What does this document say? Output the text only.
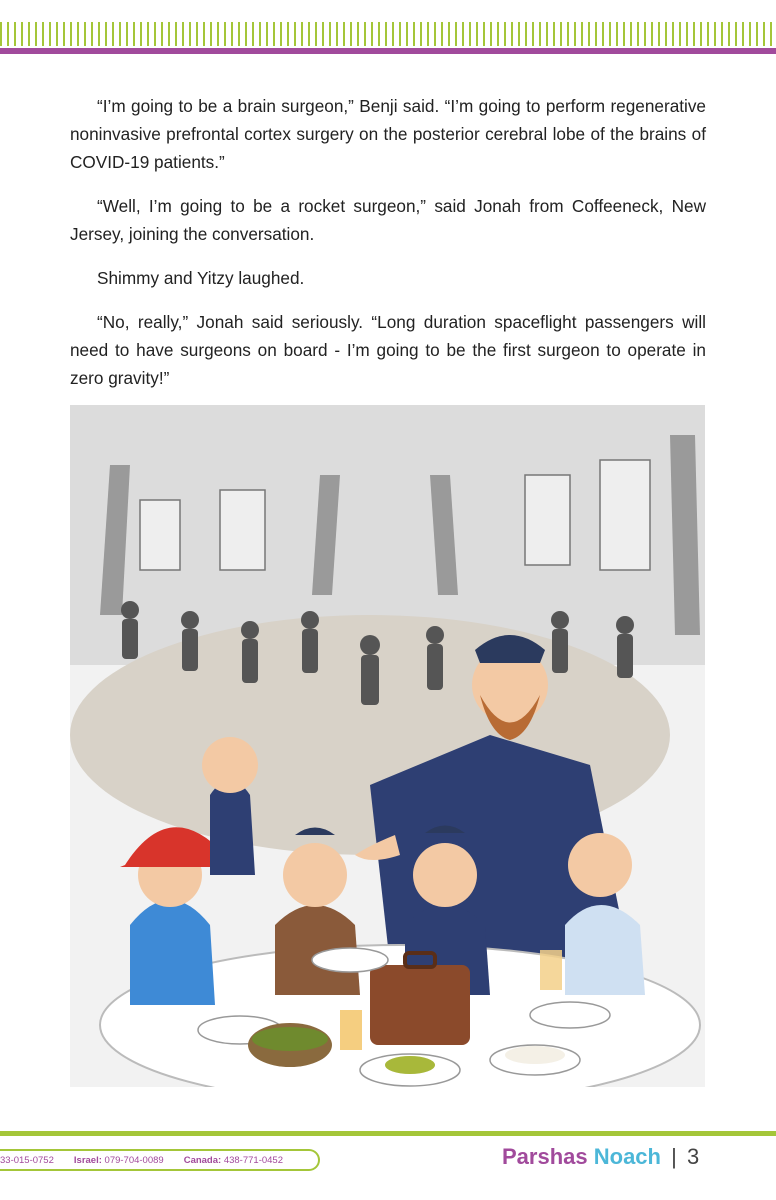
“I’m going to be a brain surgeon,” Benji said. “I’m going to perform regenerative noninvasive prefrontal cortex surgery on the posterior cerebral lobe of the brains of COVID-19 patients.”

“Well, I’m going to be a rocket surgeon,” said Jonah from Coffeeneck, New Jersey, joining the conversation.

Shimmy and Yitzy laughed.

“No, really,” Jonah said seriously. “Long duration spaceflight passengers will need to have surgeons on board - I’m going to be the first surgeon to operate in zero gravity!”

33-015-0752 Israel: 079-704-0089 Canada: 438-771-0452	Parshas Noach | 3
